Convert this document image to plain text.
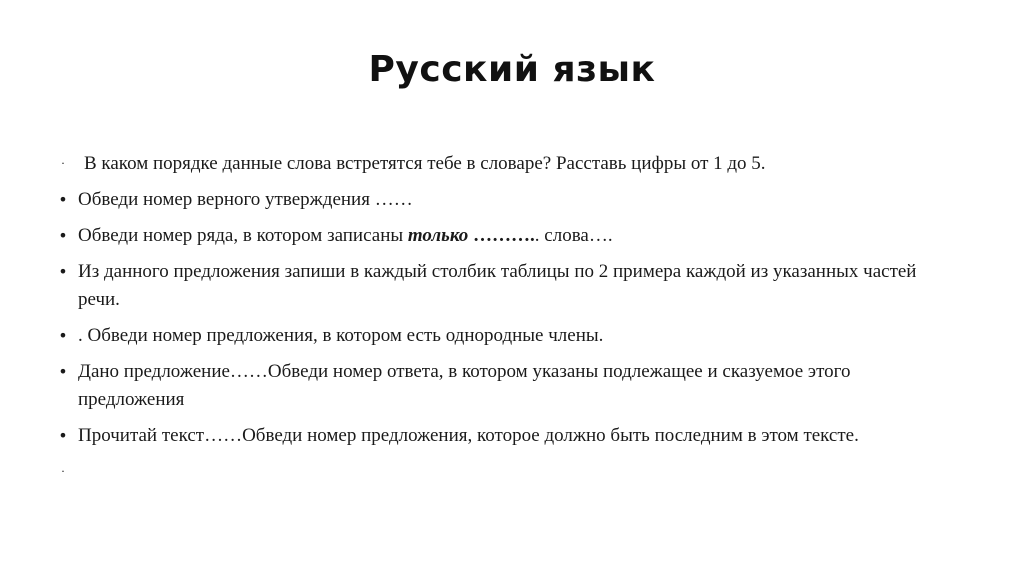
Русский язык
· В каком порядке данные слова встретятся тебе в словаре? Расставь цифры от 1 до 5.
• Обведи номер верного утверждения ……
• Обведи номер ряда, в котором записаны только ……….. слова….
• Из данного предложения запиши в каждый столбик таблицы по 2 примера каждой из указанных частей речи.
• . Обведи номер предложения, в котором есть однородные члены.
• Дано предложение……Обведи номер ответа, в котором указаны подлежащее и сказуемое этого предложения
• Прочитай текст……Обведи номер предложения, которое должно быть последним в этом тексте.
·
